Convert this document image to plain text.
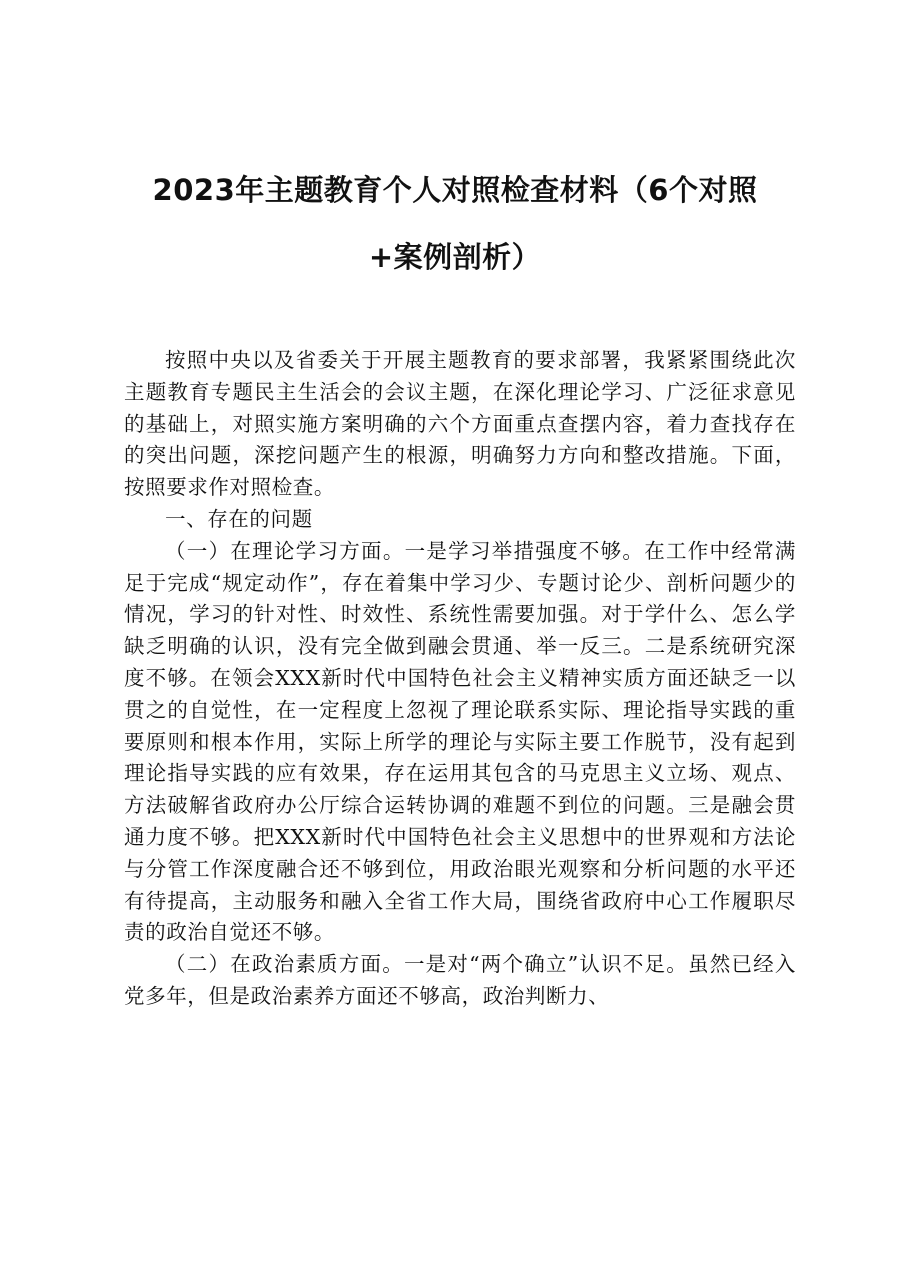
2023年主题教育个人对照检查材料（6个对照
+案例剖析）

按照中央以及省委关于开展主题教育的要求部署，我紧紧围绕此次主题教育专题民主生活会的会议主题，在深化理论学习、广泛征求意见的基础上，对照实施方案明确的六个方面重点查摆内容，着力查找存在的突出问题，深挖问题产生的根源，明确努力方向和整改措施。下面，按照要求作对照检查。

一、存在的问题

（一）在理论学习方面。一是学习举措强度不够。在工作中经常满足于完成“规定动作”，存在着集中学习少、专题讨论少、剖析问题少的情况，学习的针对性、时效性、系统性需要加强。对于学什么、怎么学缺乏明确的认识，没有完全做到融会贯通、举一反三。二是系统研究深度不够。在领会XXX新时代中国特色社会主义精神实质方面还缺乏一以贯之的自觉性，在一定程度上忽视了理论联系实际、理论指导实践的重要原则和根本作用，实际上所学的理论与实际主要工作脱节，没有起到理论指导实践的应有效果，存在运用其包含的马克思主义立场、观点、方法破解省政府办公厅综合运转协调的难题不到位的问题。三是融会贯通力度不够。把XXX新时代中国特色社会主义思想中的世界观和方法论与分管工作深度融合还不够到位，用政治眼光观察和分析问题的水平还有待提高，主动服务和融入全省工作大局，围绕省政府中心工作履职尽责的政治自觉还不够。

（二）在政治素质方面。一是对“两个确立”认识不足。虽然已经入党多年，但是政治素养方面还不够高，政治判断力、
